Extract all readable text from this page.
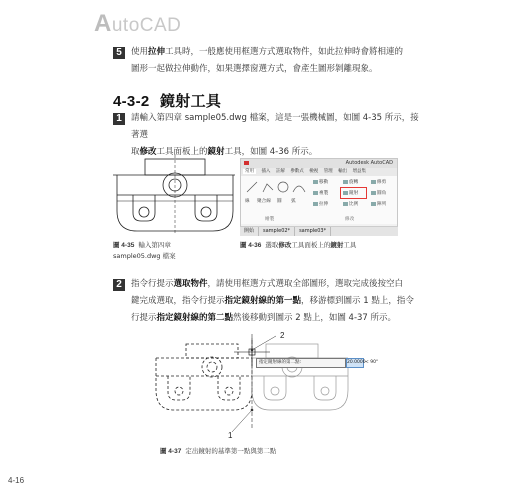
AutoCAD
5	使用拉伸工具時，一般應使用框選方式選取物件，如此拉伸時會將相連的
圖形一起做拉伸動作，如果選擇窗選方式，會產生圖形剝離現象。
4-3-2 鏡射工具
1	請輸入第四章 sample05.dwg 檔案，這是一張機械圖，如圖 4-35 所示，接著選
取修改工具面板上的鏡射工具，如圖 4-36 所示。
Autodesk AutoCAD
常用 插入 註解 參數式 檢視 管理 輸出 增益集
線 聚合線 圓 弧
繪製
移動	旋轉	修剪
複製	鏡射	圓角
拉伸	比例	陣列
修改
開始 sample02* sample03*
圖 4-35 輸入第四章
sample05.dwg 檔案
圖 4-36 選取修改工具面板上的鏡射工具
2	指令行提示選取物件，請使用框選方式選取全部圖形，選取完成後按空白
鍵完成選取，指令行提示指定鏡射線的第一點，移游標到圖示 1 點上，指令
行提示指定鏡射線的第二點然後移動到圖示 2 點上，如圖 4-37 所示。
2
1
指定鏡射線的第二點:	20.0000 < 90°
圖 4-37 定出鏡射的基準第一點與第二點
4-16
